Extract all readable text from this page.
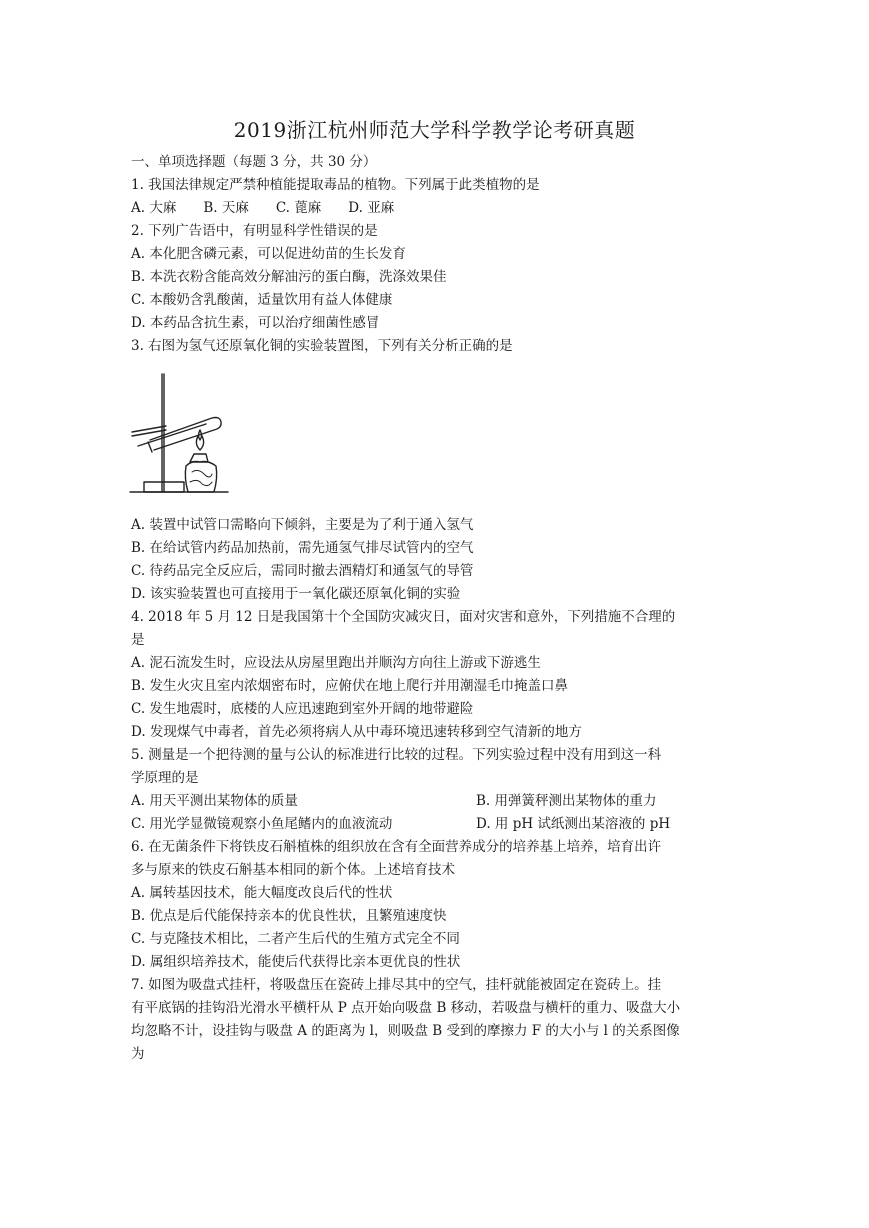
2019浙江杭州师范大学科学教学论考研真题
一、单项选择题（每题 3 分，共 30 分）
1. 我国法律规定严禁种植能提取毒品的植物。下列属于此类植物的是
A. 大麻　　B. 天麻　　C. 蓖麻　　D. 亚麻
2. 下列广告语中，有明显科学性错误的是
A. 本化肥含磷元素，可以促进幼苗的生长发育
B. 本洗衣粉含能高效分解油污的蛋白酶，洗涤效果佳
C. 本酸奶含乳酸菌，适量饮用有益人体健康
D. 本药品含抗生素，可以治疗细菌性感冒
3. 右图为氢气还原氧化铜的实验装置图，下列有关分析正确的是
A. 装置中试管口需略向下倾斜，主要是为了利于通入氢气
B. 在给试管内药品加热前，需先通氢气排尽试管内的空气
C. 待药品完全反应后，需同时撤去酒精灯和通氢气的导管
D. 该实验装置也可直接用于一氧化碳还原氧化铜的实验
4. 2018 年 5 月 12 日是我国第十个全国防灾减灾日，面对灾害和意外，下列措施不合理的
是
A. 泥石流发生时，应设法从房屋里跑出并顺沟方向往上游或下游逃生
B. 发生火灾且室内浓烟密布时，应俯伏在地上爬行并用潮湿毛巾掩盖口鼻
C. 发生地震时，底楼的人应迅速跑到室外开阔的地带避险
D. 发现煤气中毒者，首先必须将病人从中毒环境迅速转移到空气清新的地方
5. 测量是一个把待测的量与公认的标准进行比较的过程。下列实验过程中没有用到这一科
学原理的是
A. 用天平测出某物体的质量	B. 用弹簧秤测出某物体的重力
C. 用光学显微镜观察小鱼尾鳍内的血液流动	D. 用 pH 试纸测出某溶液的 pH
6. 在无菌条件下将铁皮石斛植株的组织放在含有全面营养成分的培养基上培养，培育出许
多与原来的铁皮石斛基本相同的新个体。上述培育技术
A. 属转基因技术，能大幅度改良后代的性状
B. 优点是后代能保持亲本的优良性状，且繁殖速度快
C. 与克隆技术相比，二者产生后代的生殖方式完全不同
D. 属组织培养技术，能使后代获得比亲本更优良的性状
7. 如图为吸盘式挂杆，将吸盘压在瓷砖上排尽其中的空气，挂杆就能被固定在瓷砖上。挂
有平底锅的挂钩沿光滑水平横杆从 P 点开始向吸盘 B 移动，若吸盘与横杆的重力、吸盘大小
均忽略不计，设挂钩与吸盘 A 的距离为 l，则吸盘 B 受到的摩擦力 F 的大小与 l 的关系图像
为
